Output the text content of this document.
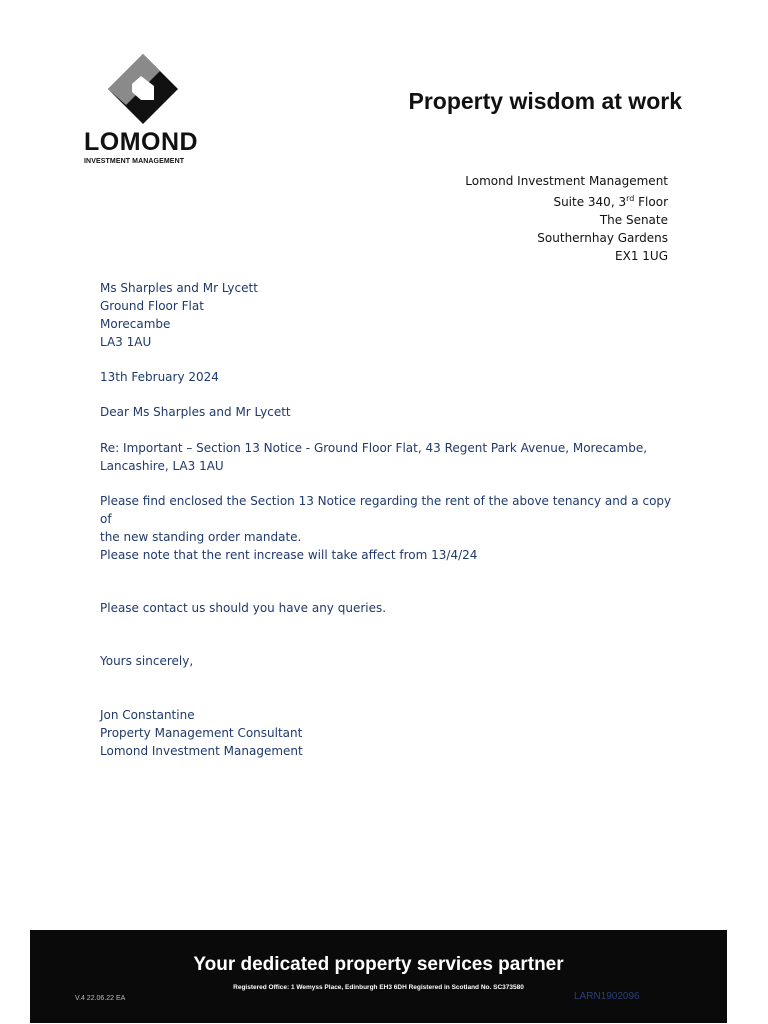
LOMOND
INVESTMENT MANAGEMENT
Property wisdom at work
Lomond Investment Management
Suite 340, 3rd Floor
The Senate
Southernhay Gardens
EX1 1UG
Ms Sharples and Mr Lycett
Ground Floor Flat
Morecambe
LA3 1AU
13th February 2024
Dear Ms Sharples and Mr Lycett
Re: Important – Section 13 Notice - Ground Floor Flat, 43 Regent Park Avenue, Morecambe,
Lancashire, LA3 1AU
Please find enclosed the Section 13 Notice regarding the rent of the above tenancy and a copy of
the new standing order mandate.
Please note that the rent increase will take affect from 13/4/24
Please contact us should you have any queries.
Yours sincerely,
Jon Constantine
Property Management Consultant
Lomond Investment Management
Your dedicated property services partner
Registered Office: 1 Wemyss Place, Edinburgh EH3 6DH Registered in Scotland No. SC373580
V.4 22.06.22 EA	LARN1902096
